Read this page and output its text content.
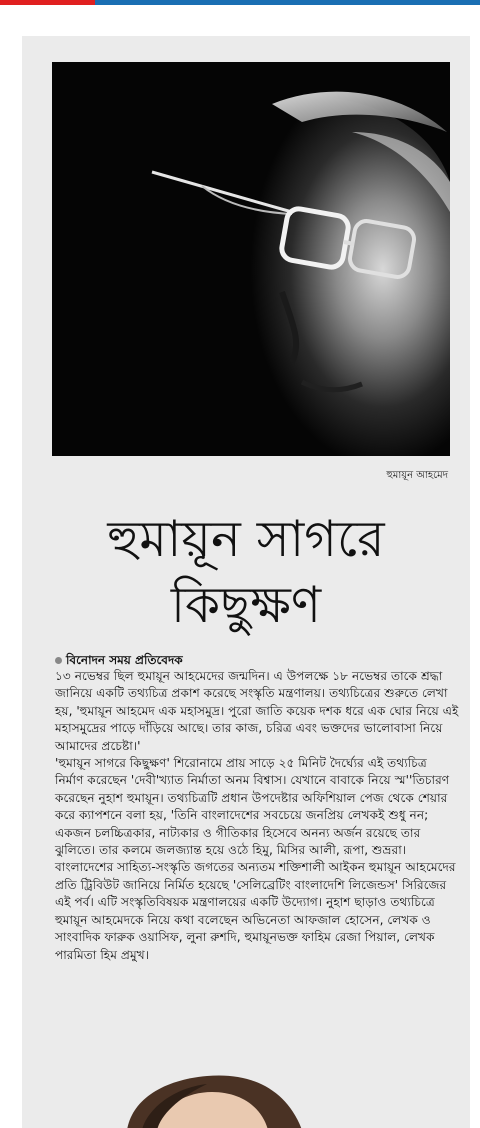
হুমায়ূন আহমেদ
হুমায়ূন সাগরে
কিছুক্ষণ
বিনোদন সময় প্রতিবেদক

১৩ নভেম্বর ছিল হুমায়ূন আহমেদের জন্মদিন। এ উপলক্ষে ১৮ নভেম্বর তাকে শ্রদ্ধা জানিয়ে একটি তথ্যচিত্র প্রকাশ করেছে সংস্কৃতি মন্ত্রণালয়। তথ্যচিত্রের শুরুতে লেখা হয়, 'হুমায়ূন আহমেদ এক মহাসমুদ্র। পুরো জাতি কয়েক দশক ধরে এক ঘোর নিয়ে এই মহাসমুদ্রের পাড়ে দাঁড়িয়ে আছে। তার কাজ, চরিত্র এবং ভক্তদের ভালোবাসা নিয়ে আমাদের প্রচেষ্টা।'

'হুমায়ূন সাগরে কিছুক্ষণ' শিরোনামে প্রায় সাড়ে ২৫ মিনিট দৈর্ঘ্যের এই তথ্যচিত্র নির্মাণ করেছেন 'দেবী'খ্যাত নির্মাতা অনম বিশ্বাস। যেখানে বাবাকে নিয়ে স্ম''তিচারণ করেছেন নুহাশ হুমায়ূন। তথ্যচিত্রটি প্রধান উপদেষ্টার অফিশিয়াল পেজ থেকে শেয়ার করে ক্যাপশনে বলা হয়, 'তিনি বাংলাদেশের সবচেয়ে জনপ্রিয় লেখকই শুধু নন; একজন চলচ্চিত্রকার, নাট্যকার ও গীতিকার হিসেবে অনন্য অর্জন রয়েছে তার ঝুলিতে। তার কলমে জলজ্যান্ত হয়ে ওঠে হিমু, মিসির আলী, রূপা, শুভ্ররা। বাংলাদেশের সাহিত্য-সংস্কৃতি জগতের অন্যতম শক্তিশালী আইকন হুমায়ূন আহমেদের প্রতি ট্রিবিউট জানিয়ে নির্মিত হয়েছে 'সেলিব্রেটিং বাংলাদেশি লিজেন্ডস' সিরিজের এই পর্ব। এটি সংস্কৃতিবিষয়ক মন্ত্রণালয়ের একটি উদ্যোগ। নুহাশ ছাড়াও তথ্যচিত্রে হুমায়ূন আহমেদকে নিয়ে কথা বলেছেন অভিনেতা আফজাল হোসেন, লেখক ও সাংবাদিক ফারুক ওয়াসিফ, লুনা রুশদি, হুমায়ূনভক্ত ফাহিম রেজা পিয়াল, লেখক পারমিতা হিম প্রমুখ।
